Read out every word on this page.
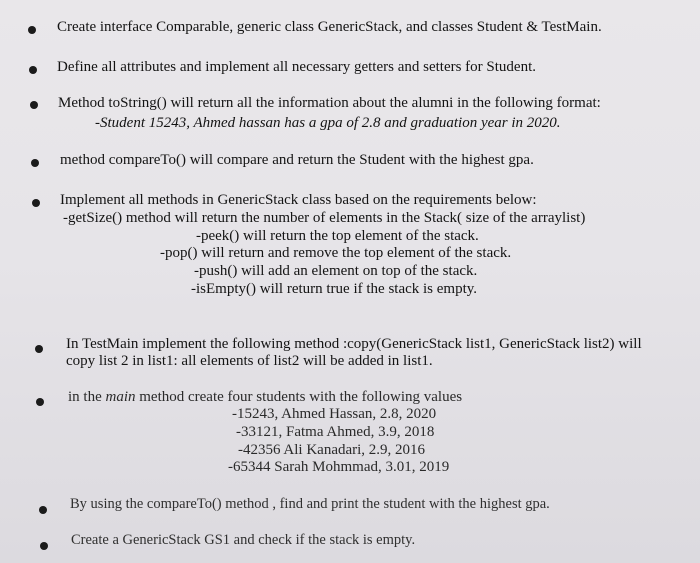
Create interface Comparable, generic class GenericStack, and classes Student & TestMain.
Define all attributes and implement all necessary getters and setters for Student.
Method toString() will return all the information about the alumni in the following format:
-Student 15243, Ahmed hassan has a gpa of 2.8 and graduation year in 2020.
method compareTo() will compare and return the Student with the highest gpa.
Implement all methods in GenericStack class based on the requirements below:
-getSize() method will return the number of elements in the Stack( size of the arraylist)
-peek() will return the top element of the stack.
-pop() will return and remove the top element of the stack.
-push() will add an element on top of the stack.
-isEmpty() will return true if the stack is empty.
In TestMain implement the following method :copy(GenericStack list1, GenericStack list2) will
copy list 2 in list1: all elements of list2 will be added in list1.
in the main method create four students with the following values
-15243, Ahmed Hassan, 2.8, 2020
-33121, Fatma Ahmed, 3.9, 2018
-42356 Ali Kanadari, 2.9, 2016
-65344 Sarah Mohmmad, 3.01, 2019
By using the compareTo() method , find and print the student with the highest gpa.
Create a GenericStack GS1 and check if the stack is empty.
